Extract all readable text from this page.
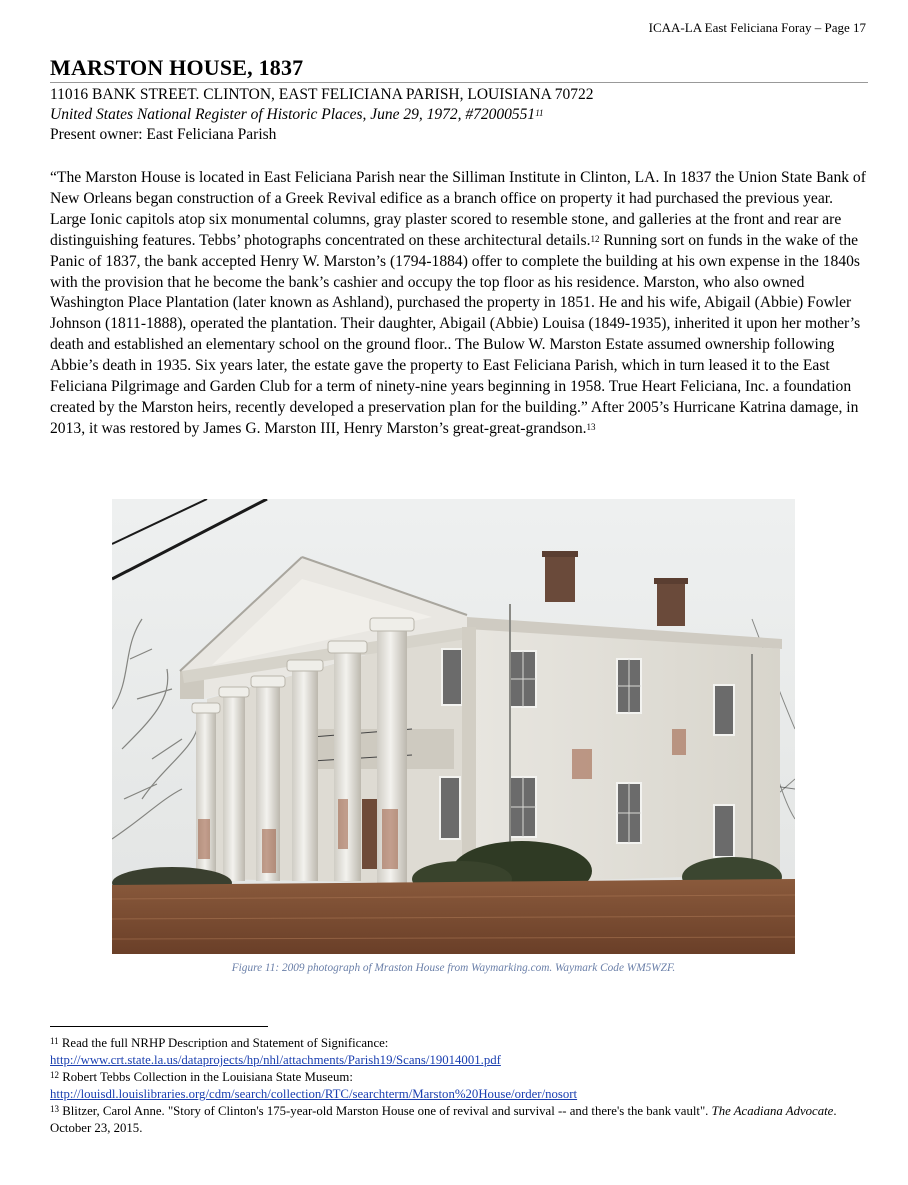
ICAA-LA East Feliciana Foray – Page 17
MARSTON HOUSE, 1837
11016 BANK STREET. CLINTON, EAST FELICIANA PARISH, LOUISIANA 70722
United States National Register of Historic Places, June 29, 1972, #72000551$^{11}$
Present owner: East Feliciana Parish
“The Marston House is located in East Feliciana Parish near the Silliman Institute in Clinton, LA. In 1837 the Union State Bank of New Orleans began construction of a Greek Revival edifice as a branch office on property it had purchased the previous year. Large Ionic capitols atop six monumental columns, gray plaster scored to resemble stone, and galleries at the front and rear are distinguishing features. Tebbs’ photographs concentrated on these architectural details.$^{12}$ Running sort on funds in the wake of the Panic of 1837, the bank accepted Henry W. Marston’s (1794-1884) offer to complete the building at his own expense in the 1840s with the provision that he become the bank’s cashier and occupy the top floor as his residence. Marston, who also owned Washington Place Plantation (later known as Ashland), purchased the property in 1851. He and his wife, Abigail (Abbie) Fowler Johnson (1811-1888), operated the plantation. Their daughter, Abigail (Abbie) Louisa (1849-1935), inherited it upon her mother’s death and established an elementary school on the ground floor.. The Bulow W. Marston Estate assumed ownership following Abbie’s death in 1935. Six years later, the estate gave the property to East Feliciana Parish, which in turn leased it to the East Feliciana Pilgrimage and Garden Club for a term of ninety-nine years beginning in 1958. True Heart Feliciana, Inc. a foundation created by the Marston heirs, recently developed a preservation plan for the building.” After 2005’s Hurricane Katrina damage, in 2013, it was restored by James G. Marston III, Henry Marston’s great-great-grandson.$^{13}$
Figure 11: 2009 photograph of Mraston House from Waymarking.com. Waymark Code WM5WZF.
$^{11}$ Read the full NRHP Description and Statement of Significance:
http://www.crt.state.la.us/dataprojects/hp/nhl/attachments/Parish19/Scans/19014001.pdf
$^{12}$ Robert Tebbs Collection in the Louisiana State Museum:
http://louisdl.louislibraries.org/cdm/search/collection/RTC/searchterm/Marston%20House/order/nosort
$^{13}$ Blitzer, Carol Anne. "Story of Clinton's 175-year-old Marston House one of revival and survival -- and there's the bank vault". The Acadiana Advocate. October 23, 2015.
